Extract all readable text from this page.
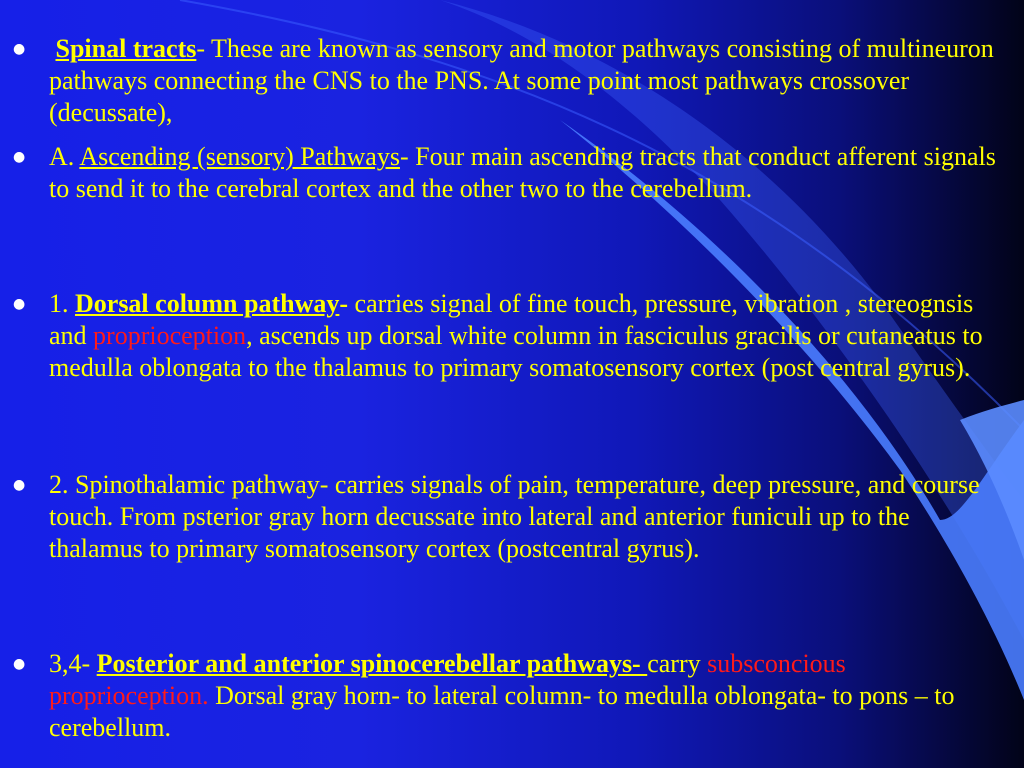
● Spinal tracts- These are known as sensory and motor pathways consisting of multineuron pathways connecting the CNS to the PNS. At some point most pathways crossover (decussate),
● A. Ascending (sensory) Pathways- Four main ascending tracts that conduct afferent signals to send it to the cerebral cortex and the other two to the cerebellum.
● 1. Dorsal column pathway- carries signal of fine touch, pressure, vibration , stereognsis and proprioception, ascends up dorsal white column in fasciculus gracilis or cutaneatus to medulla oblongata to the thalamus to primary somatosensory cortex (post central gyrus).
● 2. Spinothalamic pathway- carries signals of pain, temperature, deep pressure, and course touch. From psterior gray horn decussate into lateral and anterior funiculi up to the thalamus to primary somatosensory cortex (postcentral gyrus).
● 3,4- Posterior and anterior spinocerebellar pathways- carry subsconcious proprioception. Dorsal gray horn- to lateral column- to medulla oblongata- to pons – to cerebellum.
